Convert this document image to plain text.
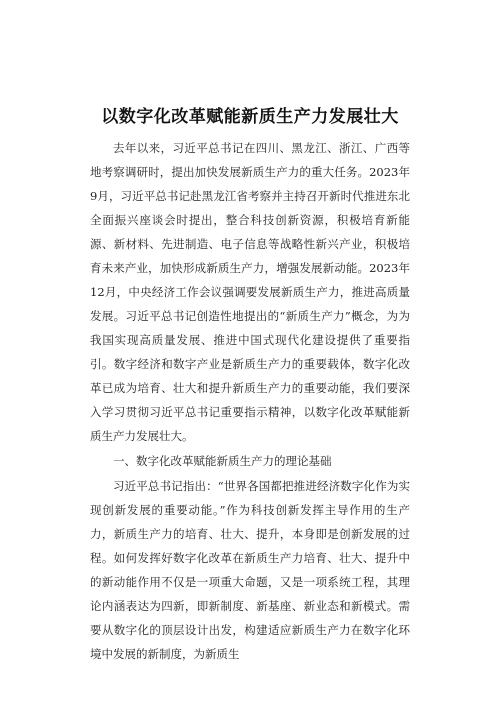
以数字化改革赋能新质生产力发展壮大

去年以来，习近平总书记在四川、黑龙江、浙江、广西等地考察调研时，提出加快发展新质生产力的重大任务。2023年9月，习近平总书记赴黑龙江省考察并主持召开新时代推进东北全面振兴座谈会时提出，整合科技创新资源，积极培育新能源、新材料、先进制造、电子信息等战略性新兴产业，积极培育未来产业，加快形成新质生产力，增强发展新动能。2023年12月，中央经济工作会议强调要发展新质生产力，推进高质量发展。习近平总书记创造性地提出的“新质生产力”概念，为为我国实现高质量发展、推进中国式现代化建设提供了重要指引。数字经济和数字产业是新质生产力的重要载体，数字化改革已成为培育、壮大和提升新质生产力的重要动能，我们要深入学习贯彻习近平总书记重要指示精神，以数字化改革赋能新质生产力发展壮大。

一、数字化改革赋能新质生产力的理论基础

习近平总书记指出：“世界各国都把推进经济数字化作为实现创新发展的重要动能。”作为科技创新发挥主导作用的生产力，新质生产力的培育、壮大、提升，本身即是创新发展的过程。如何发挥好数字化改革在新质生产力培育、壮大、提升中的新动能作用不仅是一项重大命题，又是一项系统工程，其理论内涵表达为四新，即新制度、新基座、新业态和新模式。需要从数字化的顶层设计出发，构建适应新质生产力在数字化环境中发展的新制度，为新质生
